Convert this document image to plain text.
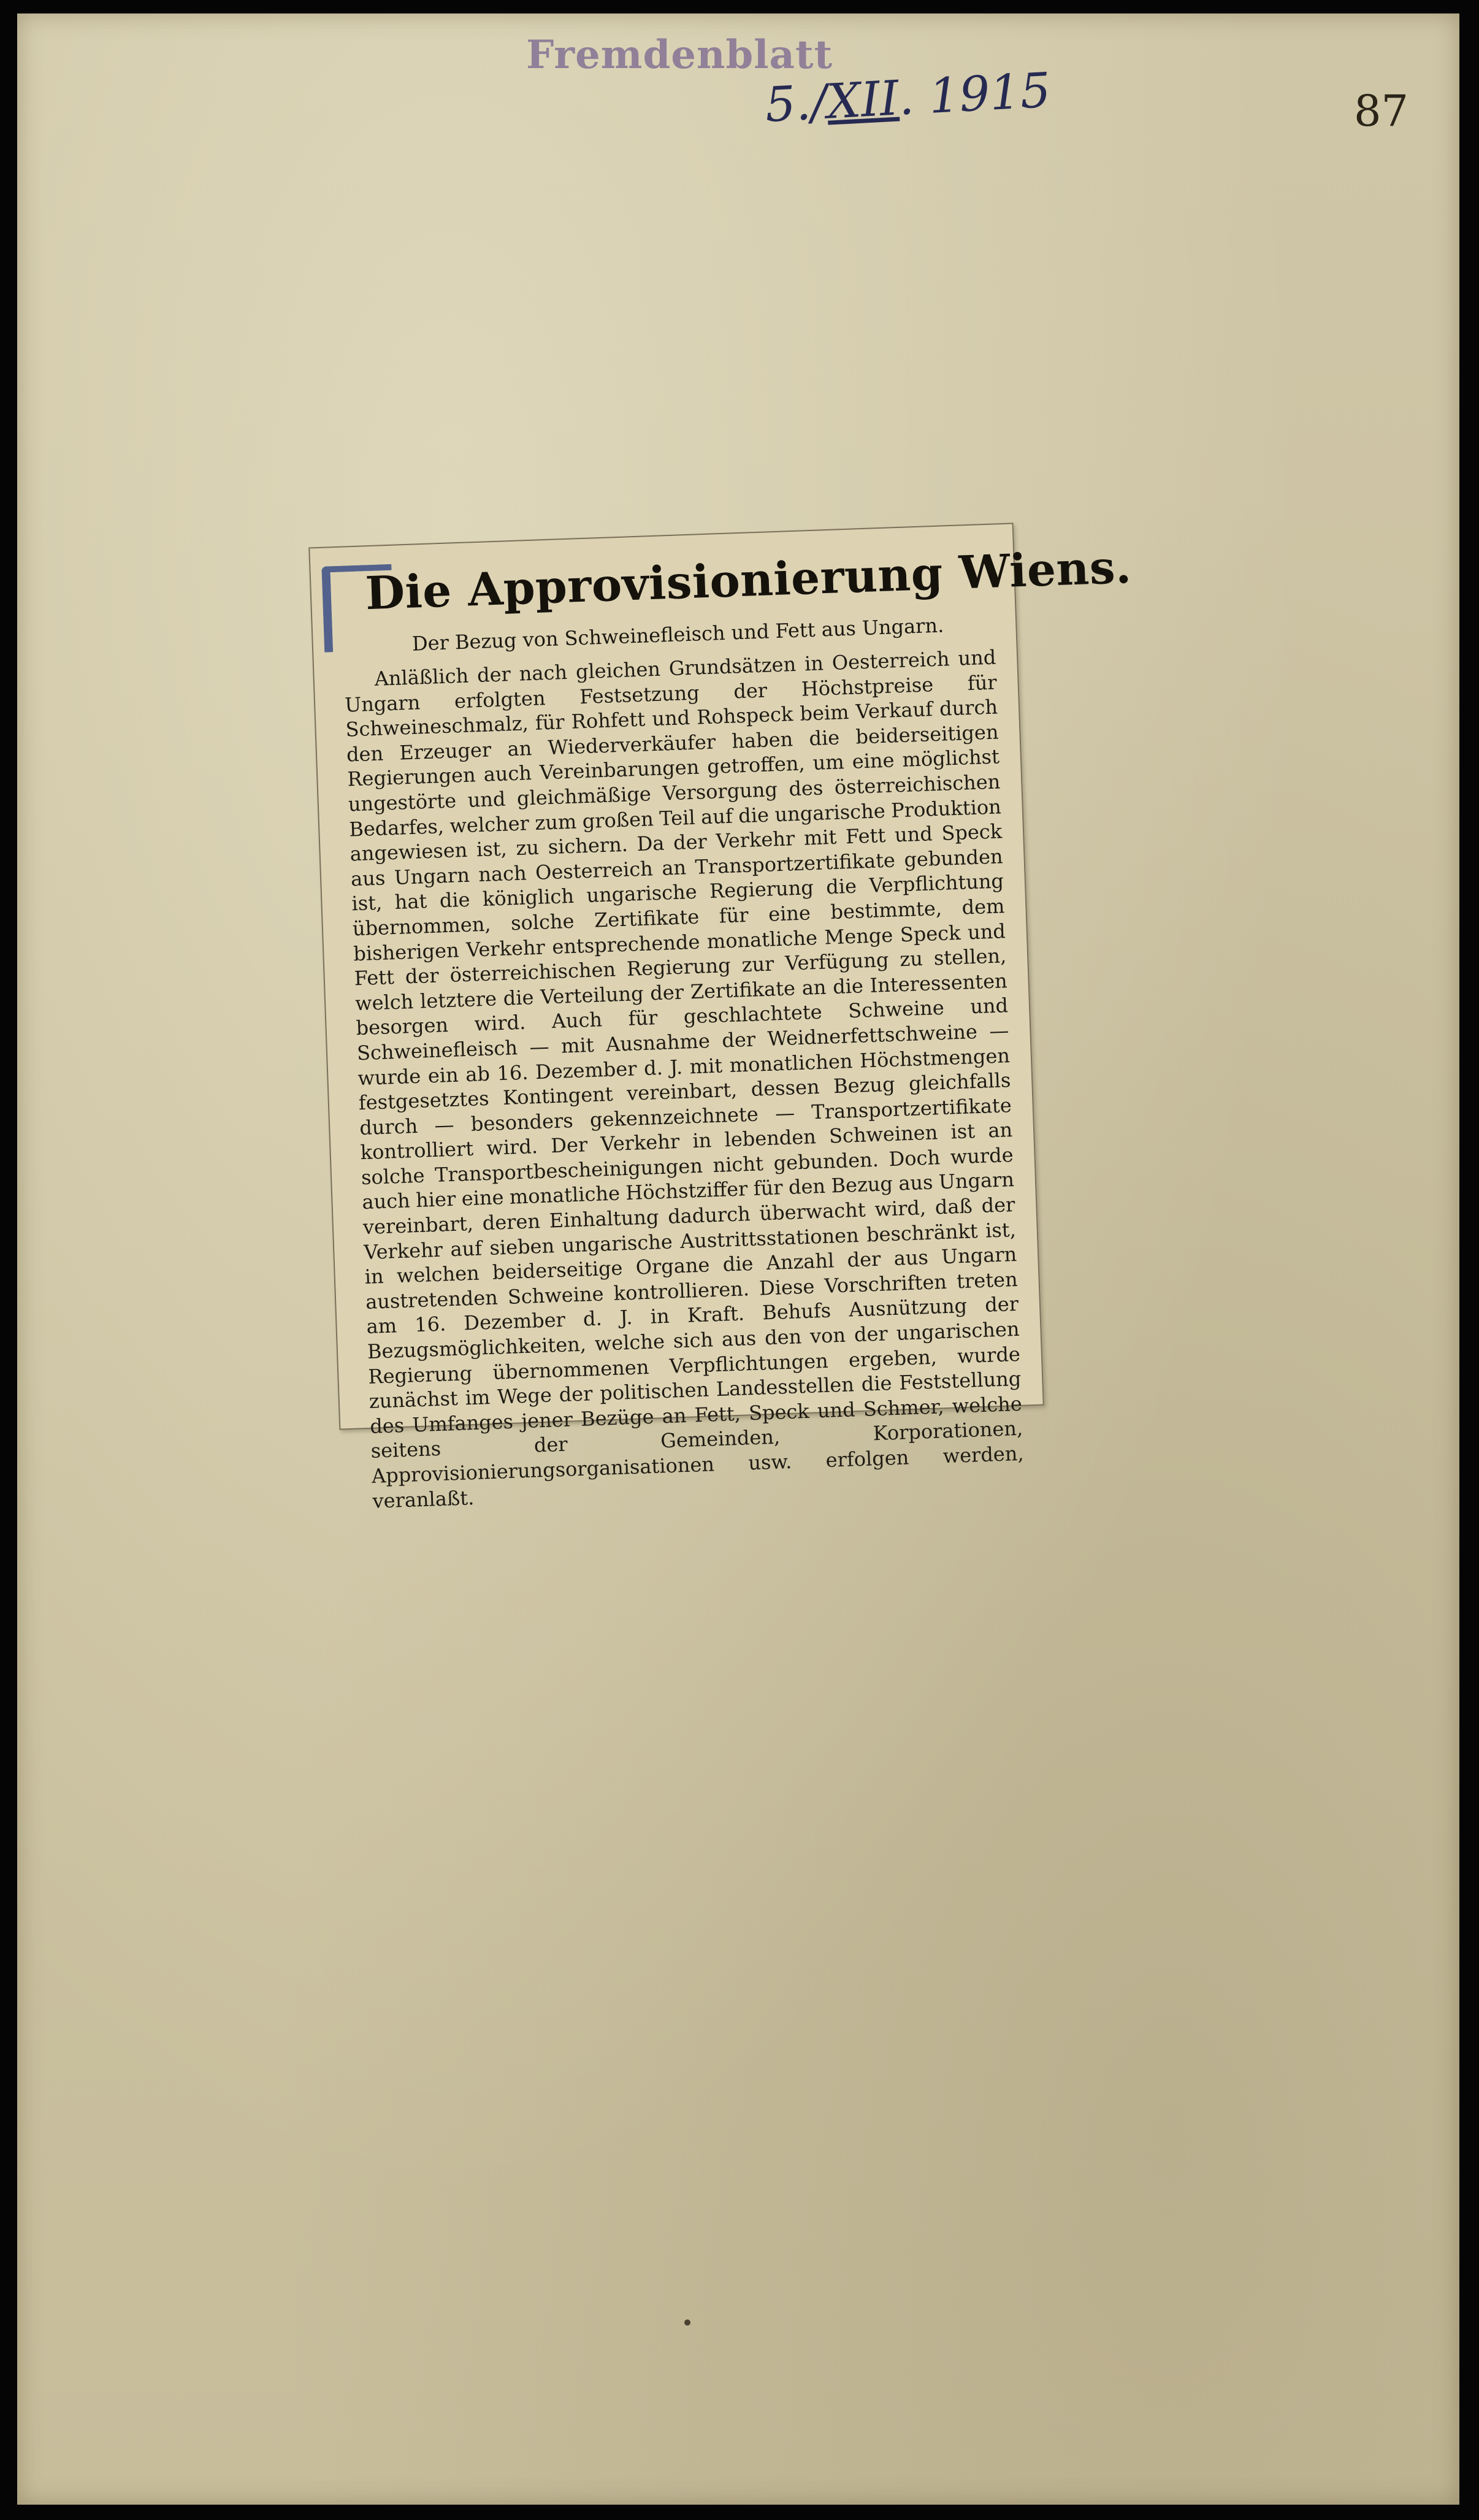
Fremdenblatt
5./XII. 1915	87
Die Approvisionierung Wiens.
Der Bezug von Schweinefleisch und Fett aus Ungarn.
Anläßlich der nach gleichen Grundsätzen in Oesterreich und Ungarn erfolgten Festsetzung der Höchstpreise für Schweineschmalz, für Rohfett und Rohspeck beim Verkauf durch den Erzeuger an Wiederverkäufer haben die beiderseitigen Regierungen auch Vereinbarungen getroffen, um eine möglichst ungestörte und gleichmäßige Versorgung des österreichischen Bedarfes, welcher zum großen Teil auf die ungarische Produktion angewiesen ist, zu sichern. Da der Verkehr mit Fett und Speck aus Ungarn nach Oesterreich an Transportzertifikate gebunden ist, hat die königlich ungarische Regierung die Verpflichtung übernommen, solche Zertifikate für eine bestimmte, dem bisherigen Verkehr entsprechende monatliche Menge Speck und Fett der österreichischen Regierung zur Verfügung zu stellen, welch letztere die Verteilung der Zertifikate an die Interessenten besorgen wird. Auch für geschlachtete Schweine und Schweinefleisch — mit Ausnahme der Weidnerfettschweine — wurde ein ab 16. Dezember d. J. mit monatlichen Höchstmengen festgesetztes Kontingent vereinbart, dessen Bezug gleichfalls durch — besonders gekennzeichnete — Transportzertifikate kontrolliert wird. Der Verkehr in lebenden Schweinen ist an solche Transportbescheinigungen nicht gebunden. Doch wurde auch hier eine monatliche Höchstziffer für den Bezug aus Ungarn vereinbart, deren Einhaltung dadurch überwacht wird, daß der Verkehr auf sieben ungarische Austrittsstationen beschränkt ist, in welchen beiderseitige Organe die Anzahl der aus Ungarn austretenden Schweine kontrollieren. Diese Vorschriften treten am 16. Dezember d. J. in Kraft. Behufs Ausnützung der Bezugsmöglichkeiten, welche sich aus den von der ungarischen Regierung übernommenen Verpflichtungen ergeben, wurde zunächst im Wege der politischen Landesstellen die Feststellung des Umfanges jener Bezüge an Fett, Speck und Schmer, welche seitens der Gemeinden, Korporationen, Approvisionierungsorganisationen usw. erfolgen werden, veranlaßt.
